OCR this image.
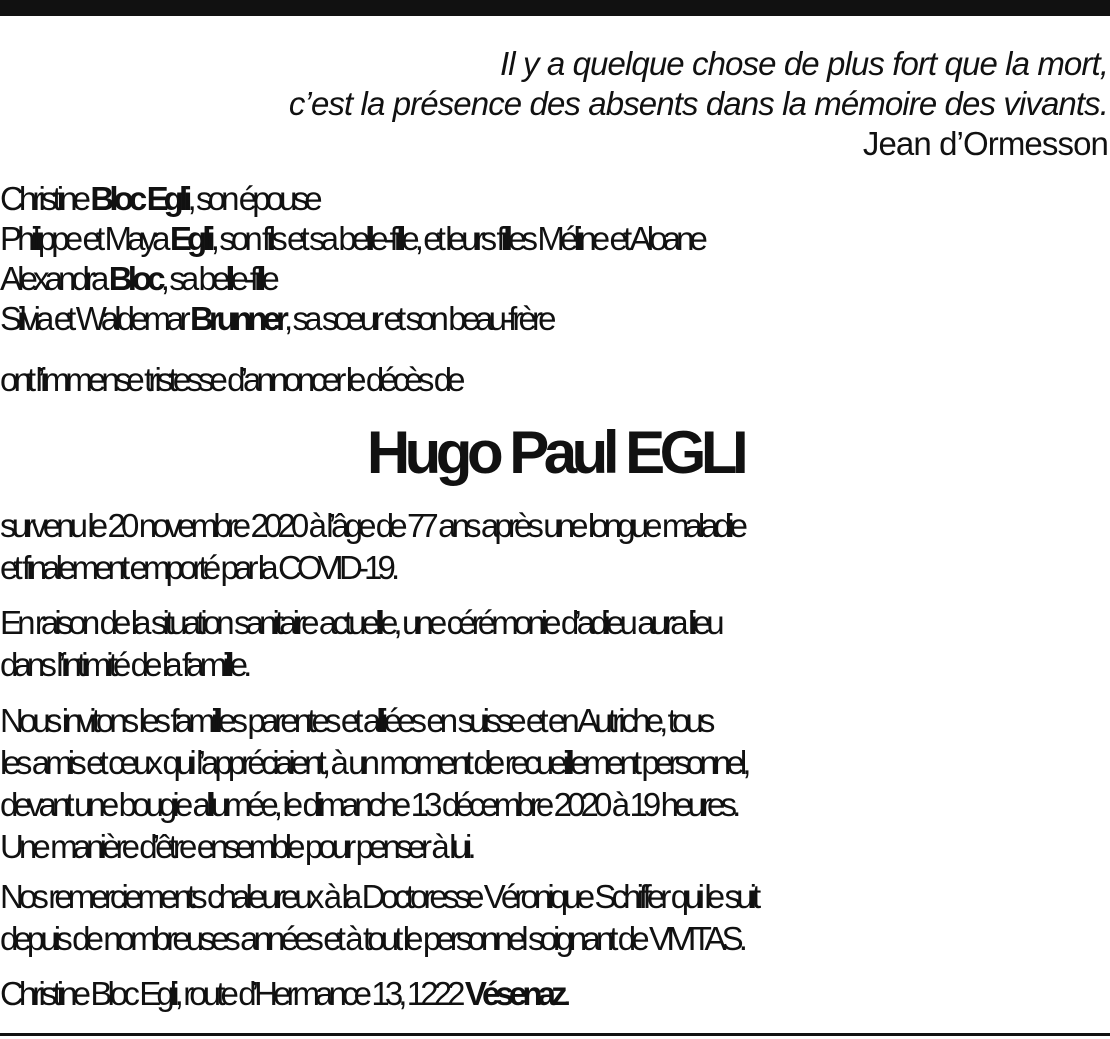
Il y a quelque chose de plus fort que la mort,
c’est la présence des absents dans la mémoire des vivants.
Jean d’Ormesson
Christine Bloc Egli, son épouse
Philippe et Maya Egli, son fils et sa belle-fille, et leurs filles Méline et Aloane
Alexandra Bloc, sa belle-fille
Silvia et Waldemar Brunner, sa sœur et son beau-frère
ont l’immense tristesse d’annoncer le décès de
Hugo Paul EGLI
survenu le 20 novembre 2020 à l’âge de 77 ans après une longue maladie
et finalement emporté par la COVID-19.
En raison de la situation sanitaire actuelle, une cérémonie d’adieu aura lieu
dans l’intimité de la famille.
Nous invitons les familles parentes et alliées en suisse et en Autriche, tous
les amis et ceux qui l’appréciaient, à un moment de recueillement personnel,
devant une bougie allumée, le dimanche 13 décembre 2020 à 19 heures.
Une manière d’être ensemble pour penser à lui.
Nos remerciements chaleureux à la Doctoresse Véronique Schiffer qui le suit
depuis de nombreuses années et à tout le personnel soignant de VIVITAS.
Christine Bloc Egli, route d’Hermance 13, 1222 Vésenaz.
